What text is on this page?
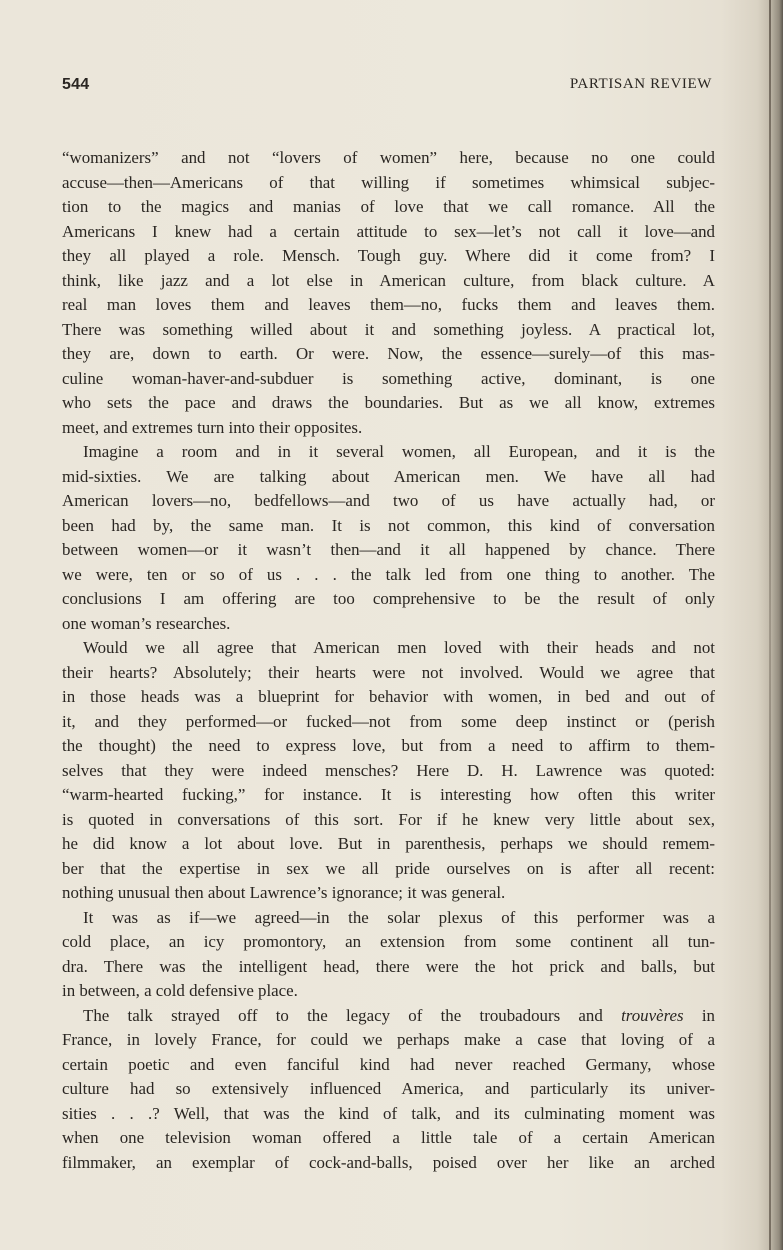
544	PARTISAN REVIEW
“womanizers” and not “lovers of women” here, because no one could
accuse—then—Americans of that willing if sometimes whimsical subjec-
tion to the magics and manias of love that we call romance. All the
Americans I knew had a certain attitude to sex—let’s not call it love—and
they all played a role. Mensch. Tough guy. Where did it come from? I
think, like jazz and a lot else in American culture, from black culture. A
real man loves them and leaves them—no, fucks them and leaves them.
There was something willed about it and something joyless. A practical lot,
they are, down to earth. Or were. Now, the essence—surely—of this mas-
culine woman-haver-and-subduer is something active, dominant, is one
who sets the pace and draws the boundaries. But as we all know, extremes
meet, and extremes turn into their opposites.
Imagine a room and in it several women, all European, and it is the
mid-sixties. We are talking about American men. We have all had
American lovers—no, bedfellows—and two of us have actually had, or
been had by, the same man. It is not common, this kind of conversation
between women—or it wasn’t then—and it all happened by chance. There
we were, ten or so of us . . . the talk led from one thing to another. The
conclusions I am offering are too comprehensive to be the result of only
one woman’s researches.
Would we all agree that American men loved with their heads and not
their hearts? Absolutely; their hearts were not involved. Would we agree that
in those heads was a blueprint for behavior with women, in bed and out of
it, and they performed—or fucked—not from some deep instinct or (perish
the thought) the need to express love, but from a need to affirm to them-
selves that they were indeed mensches? Here D. H. Lawrence was quoted:
“warm-hearted fucking,” for instance. It is interesting how often this writer
is quoted in conversations of this sort. For if he knew very little about sex,
he did know a lot about love. But in parenthesis, perhaps we should remem-
ber that the expertise in sex we all pride ourselves on is after all recent:
nothing unusual then about Lawrence’s ignorance; it was general.
It was as if—we agreed—in the solar plexus of this performer was a
cold place, an icy promontory, an extension from some continent all tun-
dra. There was the intelligent head, there were the hot prick and balls, but
in between, a cold defensive place.
The talk strayed off to the legacy of the troubadours and trouvères in
France, in lovely France, for could we perhaps make a case that loving of a
certain poetic and even fanciful kind had never reached Germany, whose
culture had so extensively influenced America, and particularly its univer-
sities . . .? Well, that was the kind of talk, and its culminating moment was
when one television woman offered a little tale of a certain American
filmmaker, an exemplar of cock-and-balls, poised over her like an arched
